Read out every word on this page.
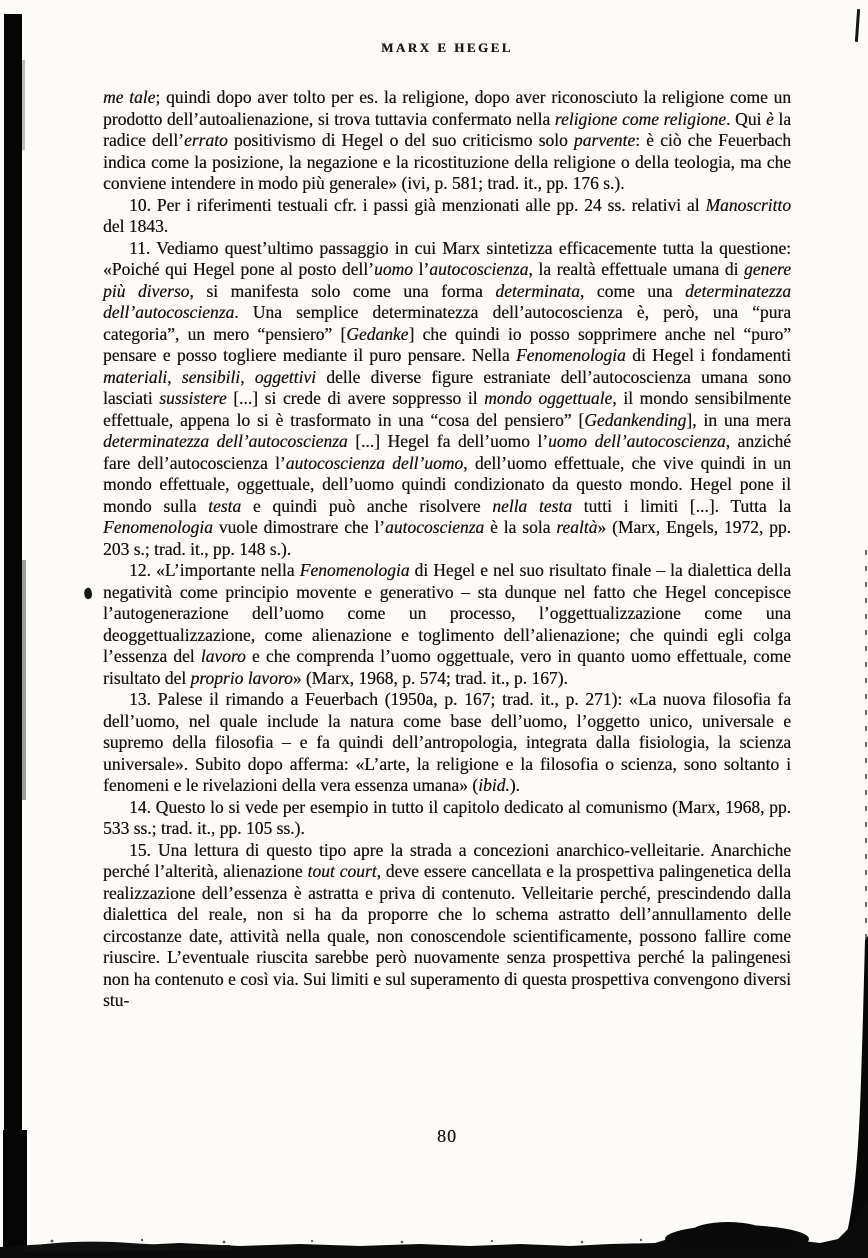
MARX E HEGEL

me tale; quindi dopo aver tolto per es. la religione, dopo aver riconosciuto la religione come un prodotto dell’autoalienazione, si trova tuttavia confermato nella religione come religione. Qui è la radice dell’errato positivismo di Hegel o del suo criticismo solo parvente: è ciò che Feuerbach indica come la posizione, la negazione e la ricostituzione della religione o della teologia, ma che conviene intendere in modo più generale» (ivi, p. 581; trad. it., pp. 176 s.).

10. Per i riferimenti testuali cfr. i passi già menzionati alle pp. 24 ss. relativi al Manoscritto del 1843.

11. Vediamo quest’ultimo passaggio in cui Marx sintetizza efficacemente tutta la questione: «Poiché qui Hegel pone al posto dell’uomo l’autocoscienza, la realtà effettuale umana di genere più diverso, si manifesta solo come una forma determinata, come una determinatezza dell’autocoscienza. Una semplice determinatezza dell’autocoscienza è, però, una “pura categoria”, un mero “pensiero” [Gedanke] che quindi io posso sopprimere anche nel “puro” pensare e posso togliere mediante il puro pensare. Nella Fenomenologia di Hegel i fondamenti materiali, sensibili, oggettivi delle diverse figure estraniate dell’autocoscienza umana sono lasciati sussistere [...] si crede di avere soppresso il mondo oggettuale, il mondo sensibilmente effettuale, appena lo si è trasformato in una “cosa del pensiero” [Gedankending], in una mera determinatezza dell’autocoscienza [...] Hegel fa dell’uomo l’uomo dell’autocoscienza, anziché fare dell’autocoscienza l’autocoscienza dell’uomo, dell’uomo effettuale, che vive quindi in un mondo effettuale, oggettuale, dell’uomo quindi condizionato da questo mondo. Hegel pone il mondo sulla testa e quindi può anche risolvere nella testa tutti i limiti [...]. Tutta la Fenomenologia vuole dimostrare che l’autocoscienza è la sola realtà» (Marx, Engels, 1972, pp. 203 s.; trad. it., pp. 148 s.).

12. «L’importante nella Fenomenologia di Hegel e nel suo risultato finale – la dialettica della negatività come principio movente e generativo – sta dunque nel fatto che Hegel concepisce l’autogenerazione dell’uomo come un processo, l’oggettualizzazione come una deoggettualizzazione, come alienazione e toglimento dell’alienazione; che quindi egli colga l’essenza del lavoro e che comprenda l’uomo oggettuale, vero in quanto uomo effettuale, come risultato del proprio lavoro» (Marx, 1968, p. 574; trad. it., p. 167).

13. Palese il rimando a Feuerbach (1950a, p. 167; trad. it., p. 271): «La nuova filosofia fa dell’uomo, nel quale include la natura come base dell’uomo, l’oggetto unico, universale e supremo della filosofia – e fa quindi dell’antropologia, integrata dalla fisiologia, la scienza universale». Subito dopo afferma: «L’arte, la religione e la filosofia o scienza, sono soltanto i fenomeni e le rivelazioni della vera essenza umana» (ibid.).

14. Questo lo si vede per esempio in tutto il capitolo dedicato al comunismo (Marx, 1968, pp. 533 ss.; trad. it., pp. 105 ss.).

15. Una lettura di questo tipo apre la strada a concezioni anarchico-velleitarie. Anarchiche perché l’alterità, alienazione tout court, deve essere cancellata e la prospettiva palingenetica della realizzazione dell’essenza è astratta e priva di contenuto. Velleitarie perché, prescindendo dalla dialettica del reale, non si ha da proporre che lo schema astratto dell’annullamento delle circostanze date, attività nella quale, non conoscendole scientificamente, possono fallire come riuscire. L’eventuale riuscita sarebbe però nuovamente senza prospettiva perché la palingenesi non ha contenuto e così via. Sui limiti e sul superamento di questa prospettiva convengono diversi stu-

80
